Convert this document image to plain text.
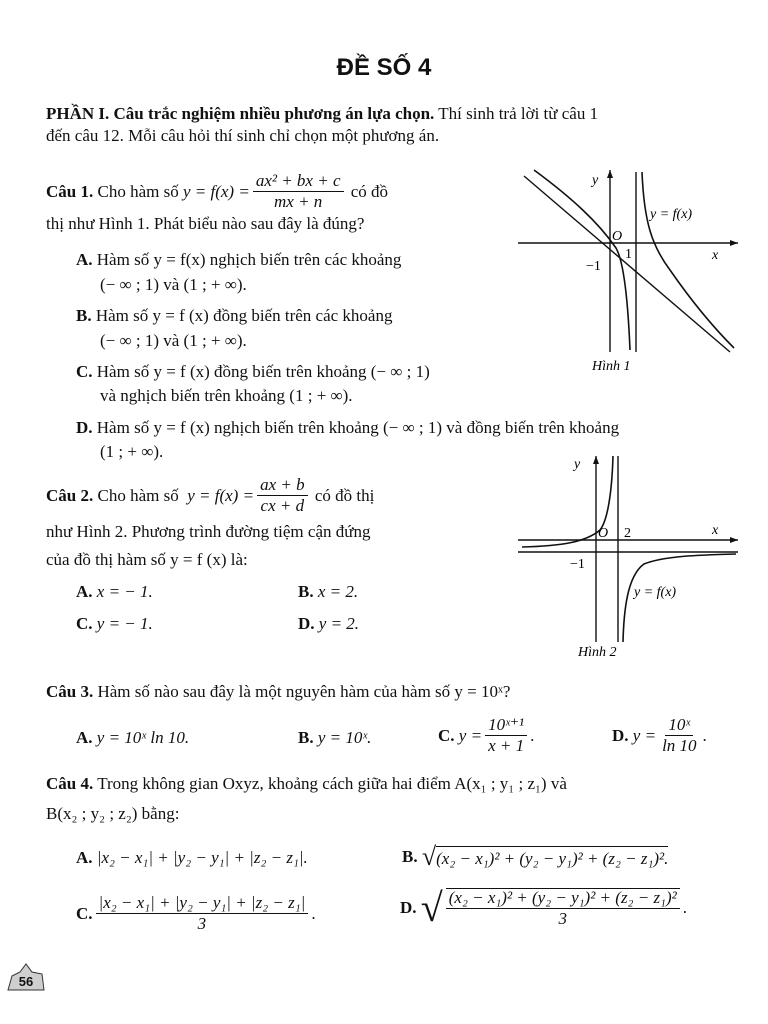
ĐỀ SỐ 4
PHẦN I. Câu trắc nghiệm nhiều phương án lựa chọn. Thí sinh trả lời từ câu 1
đến câu 12. Mỗi câu hỏi thí sinh chỉ chọn một phương án.
Câu 1.
Cho hàm số
$y = f(x) = \frac{\text{ax² + bx + c}}{mx + n}$
có đồ
thị như Hình 1. Phát biểu nào sau đây là đúng?
A. Hàm số y = f(x) nghịch biến trên các khoảng
(− ∞ ; 1) và (1 ; + ∞).
B. Hàm số y = f (x) đồng biến trên các khoảng
(− ∞ ; 1) và (1 ; + ∞).
C. Hàm số y = f (x) đồng biến trên khoảng (− ∞ ; 1)
và nghịch biến trên khoảng (1 ; + ∞).
D. Hàm số y = f (x) nghịch biến trên khoảng (− ∞ ; 1) và đồng biến trên khoảng
(1 ; + ∞).
y
x
O
1
−1
y = f(x)
Hình 1
Câu 2.
Cho hàm số
$y = f(x) = \frac{ax + b}{cx + d}$
có đồ thị
như Hình 2. Phương trình đường tiệm cận đứng
của đồ thị hàm số y = f (x) là:
A. x = − 1.	B. x = 2.
C. y = − 1.	D. y = 2.
y
x
O 2
−1
y = f(x)
Hình 2
Câu 3. Hàm số nào sau đây là một nguyên hàm của hàm số y = 10ˣ?
A. y = 10ˣ ln 10.	B. y = 10ˣ.	C.
$y = \frac{\text{10ˣ⁺¹}}{x + 1}$ .	D.
$y = \frac{\text{10ˣ}}{\ln 10}$ .
Câu 4. Trong không gian Oxyz, khoảng cách giữa hai điểm A(x₁ ; y₁ ; z₁) và
B(x₂ ; y₂ ; z₂) bằng:
A. |x₂ − x₁| + |y₂ − y₁| + |z₂ − z₁|.	B.
√ (x₂ − x₁)² + (y₂ − y₁)² + (z₂ − z₁)².
C. $\frac{\text{|x₂ − x₁| + |y₂ − y₁| + |z₂ − z₁|}}{3}$ .	D.
√ $\frac{\text{(x₂ − x₁)² + (y₂ − y₁)² + (z₂ − z₁)²}}{3}$ .
56
